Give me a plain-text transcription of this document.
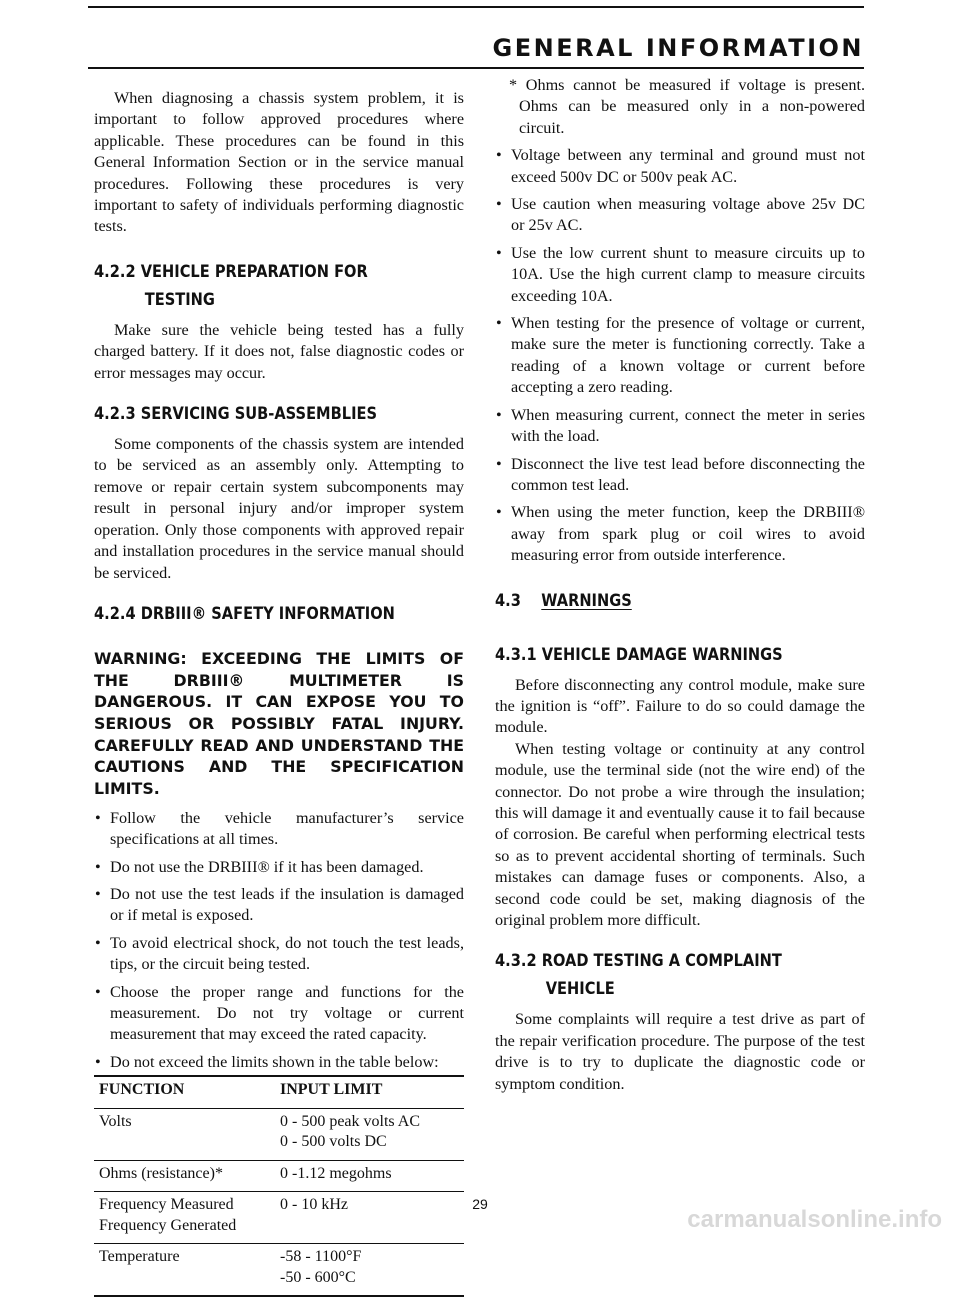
GENERAL INFORMATION

When diagnosing a chassis system problem, it is important to follow approved procedures where applicable. These procedures can be found in this General Information Section or in the service manual procedures. Following these procedures is very important to safety of individuals performing diagnostic tests.

4.2.2 VEHICLE PREPARATION FOR
TESTING

Make sure the vehicle being tested has a fully charged battery. If it does not, false diagnostic codes or error messages may occur.

4.2.3 SERVICING SUB-ASSEMBLIES

Some components of the chassis system are intended to be serviced as an assembly only. Attempting to remove or repair certain system subcomponents may result in personal injury and/or improper system operation. Only those components with approved repair and installation procedures in the service manual should be serviced.

4.2.4 DRBIII® SAFETY INFORMATION

WARNING: EXCEEDING THE LIMITS OF THE DRBIII® MULTIMETER IS DANGEROUS. IT CAN EXPOSE YOU TO SERIOUS OR POSSIBLY FATAL INJURY. CAREFULLY READ AND UNDERSTAND THE CAUTIONS AND THE SPECIFICATION LIMITS.

• Follow the vehicle manufacturer’s service specifications at all times.
• Do not use the DRBIII® if it has been damaged.
• Do not use the test leads if the insulation is damaged or if metal is exposed.
• To avoid electrical shock, do not touch the test leads, tips, or the circuit being tested.
• Choose the proper range and functions for the measurement. Do not try voltage or current measurement that may exceed the rated capacity.
• Do not exceed the limits shown in the table below:
FUNCTION	INPUT LIMIT
Volts	0 - 500 peak volts AC
0 - 500 volts DC

Ohms (resistance)*	0 -1.12 megohms

Frequency Measured
Frequency Generated	0 - 10 kHz

Temperature	-58 - 1100°F
-50 - 600°C

* Ohms cannot be measured if voltage is present. Ohms can be measured only in a non-powered circuit.

• Voltage between any terminal and ground must not exceed 500v DC or 500v peak AC.
• Use caution when measuring voltage above 25v DC or 25v AC.
• Use the low current shunt to measure circuits up to 10A. Use the high current clamp to measure circuits exceeding 10A.
• When testing for the presence of voltage or current, make sure the meter is functioning correctly. Take a reading of a known voltage or current before accepting a zero reading.
• When measuring current, connect the meter in series with the load.
• Disconnect the live test lead before disconnecting the common test lead.
• When using the meter function, keep the DRBIII® away from spark plug or coil wires to avoid measuring error from outside interference.
4.3 WARNINGS
4.3.1 VEHICLE DAMAGE WARNINGS

Before disconnecting any control module, make sure the ignition is “off”. Failure to do so could damage the module.

When testing voltage or continuity at any control module, use the terminal side (not the wire end) of the connector. Do not probe a wire through the insulation; this will damage it and eventually cause it to fail because of corrosion. Be careful when performing electrical tests so as to prevent accidental shorting of terminals. Such mistakes can damage fuses or components. Also, a second code could be set, making diagnosis of the original problem more difficult.

4.3.2 ROAD TESTING A COMPLAINT
VEHICLE

Some complaints will require a test drive as part of the repair verification procedure. The purpose of the test drive is to try to duplicate the diagnostic code or symptom condition.

29
carmanualsonline.info
